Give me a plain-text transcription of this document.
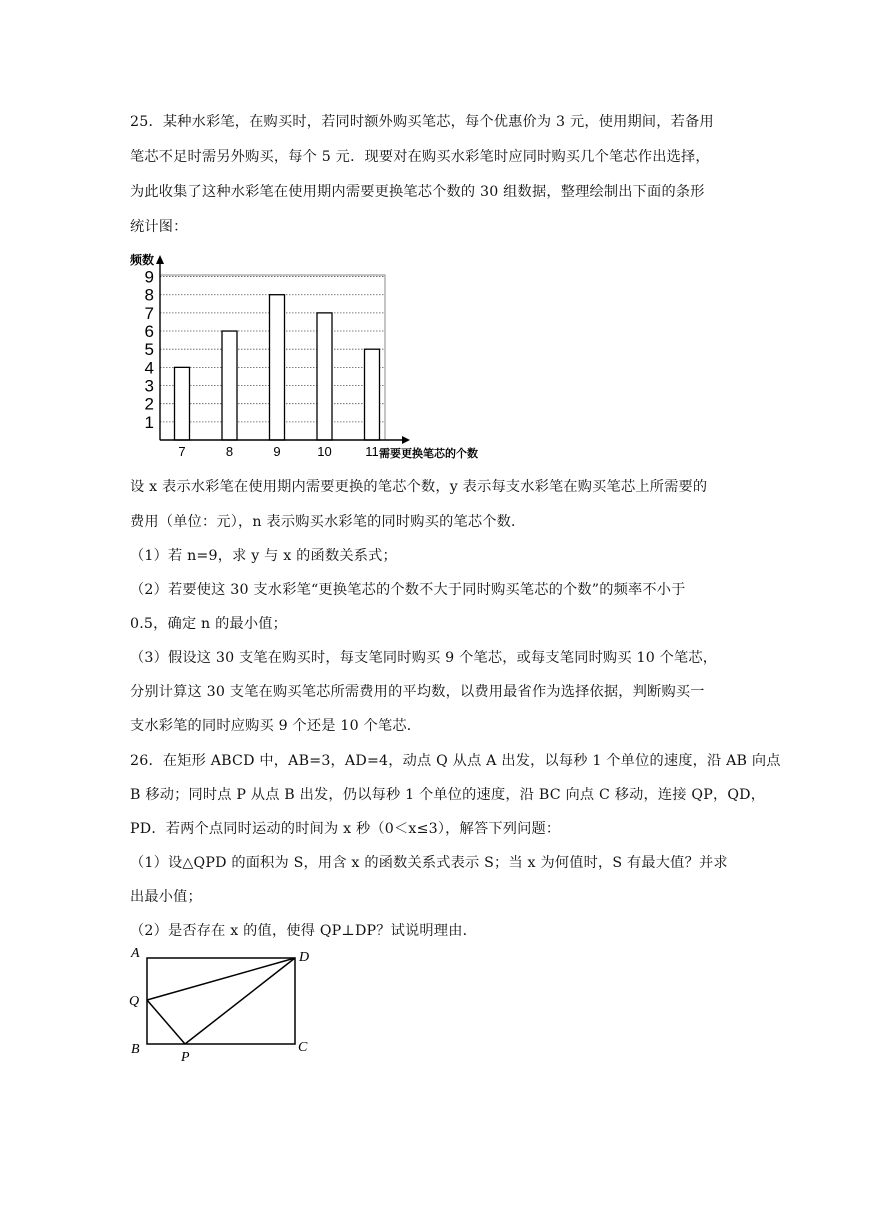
25．某种水彩笔，在购买时，若同时额外购买笔芯，每个优惠价为 3 元，使用期间，若备用
笔芯不足时需另外购买，每个 5 元．现要对在购买水彩笔时应同时购买几个笔芯作出选择，
为此收集了这种水彩笔在使用期内需要更换笔芯个数的 30 组数据，整理绘制出下面的条形
统计图：
1
2
3
4
5
6
7
8
9
7	8	9	10	11
频数
需要更换笔芯的个数
设 x 表示水彩笔在使用期内需要更换的笔芯个数，y 表示每支水彩笔在购买笔芯上所需要的
费用（单位：元），n 表示购买水彩笔的同时购买的笔芯个数．
（1）若 n=9，求 y 与 x 的函数关系式；
（2）若要使这 30 支水彩笔“更换笔芯的个数不大于同时购买笔芯的个数”的频率不小于
0.5，确定 n 的最小值；
（3）假设这 30 支笔在购买时，每支笔同时购买 9 个笔芯，或每支笔同时购买 10 个笔芯，
分别计算这 30 支笔在购买笔芯所需费用的平均数，以费用最省作为选择依据，判断购买一
支水彩笔的同时应购买 9 个还是 10 个笔芯．
26．在矩形 ABCD 中，AB=3，AD=4，动点 Q 从点 A 出发，以每秒 1 个单位的速度，沿 AB 向点
B 移动；同时点 P 从点 B 出发，仍以每秒 1 个单位的速度，沿 BC 向点 C 移动，连接 QP，QD，
PD．若两个点同时运动的时间为 x 秒（0＜x≤3），解答下列问题：
（1）设△QPD 的面积为 S，用含 x 的函数关系式表示 S；当 x 为何值时，S 有最大值？并求
出最小值；
（2）是否存在 x 的值，使得 QP⊥DP？试说明理由．
A	D
Q
B	C
P
